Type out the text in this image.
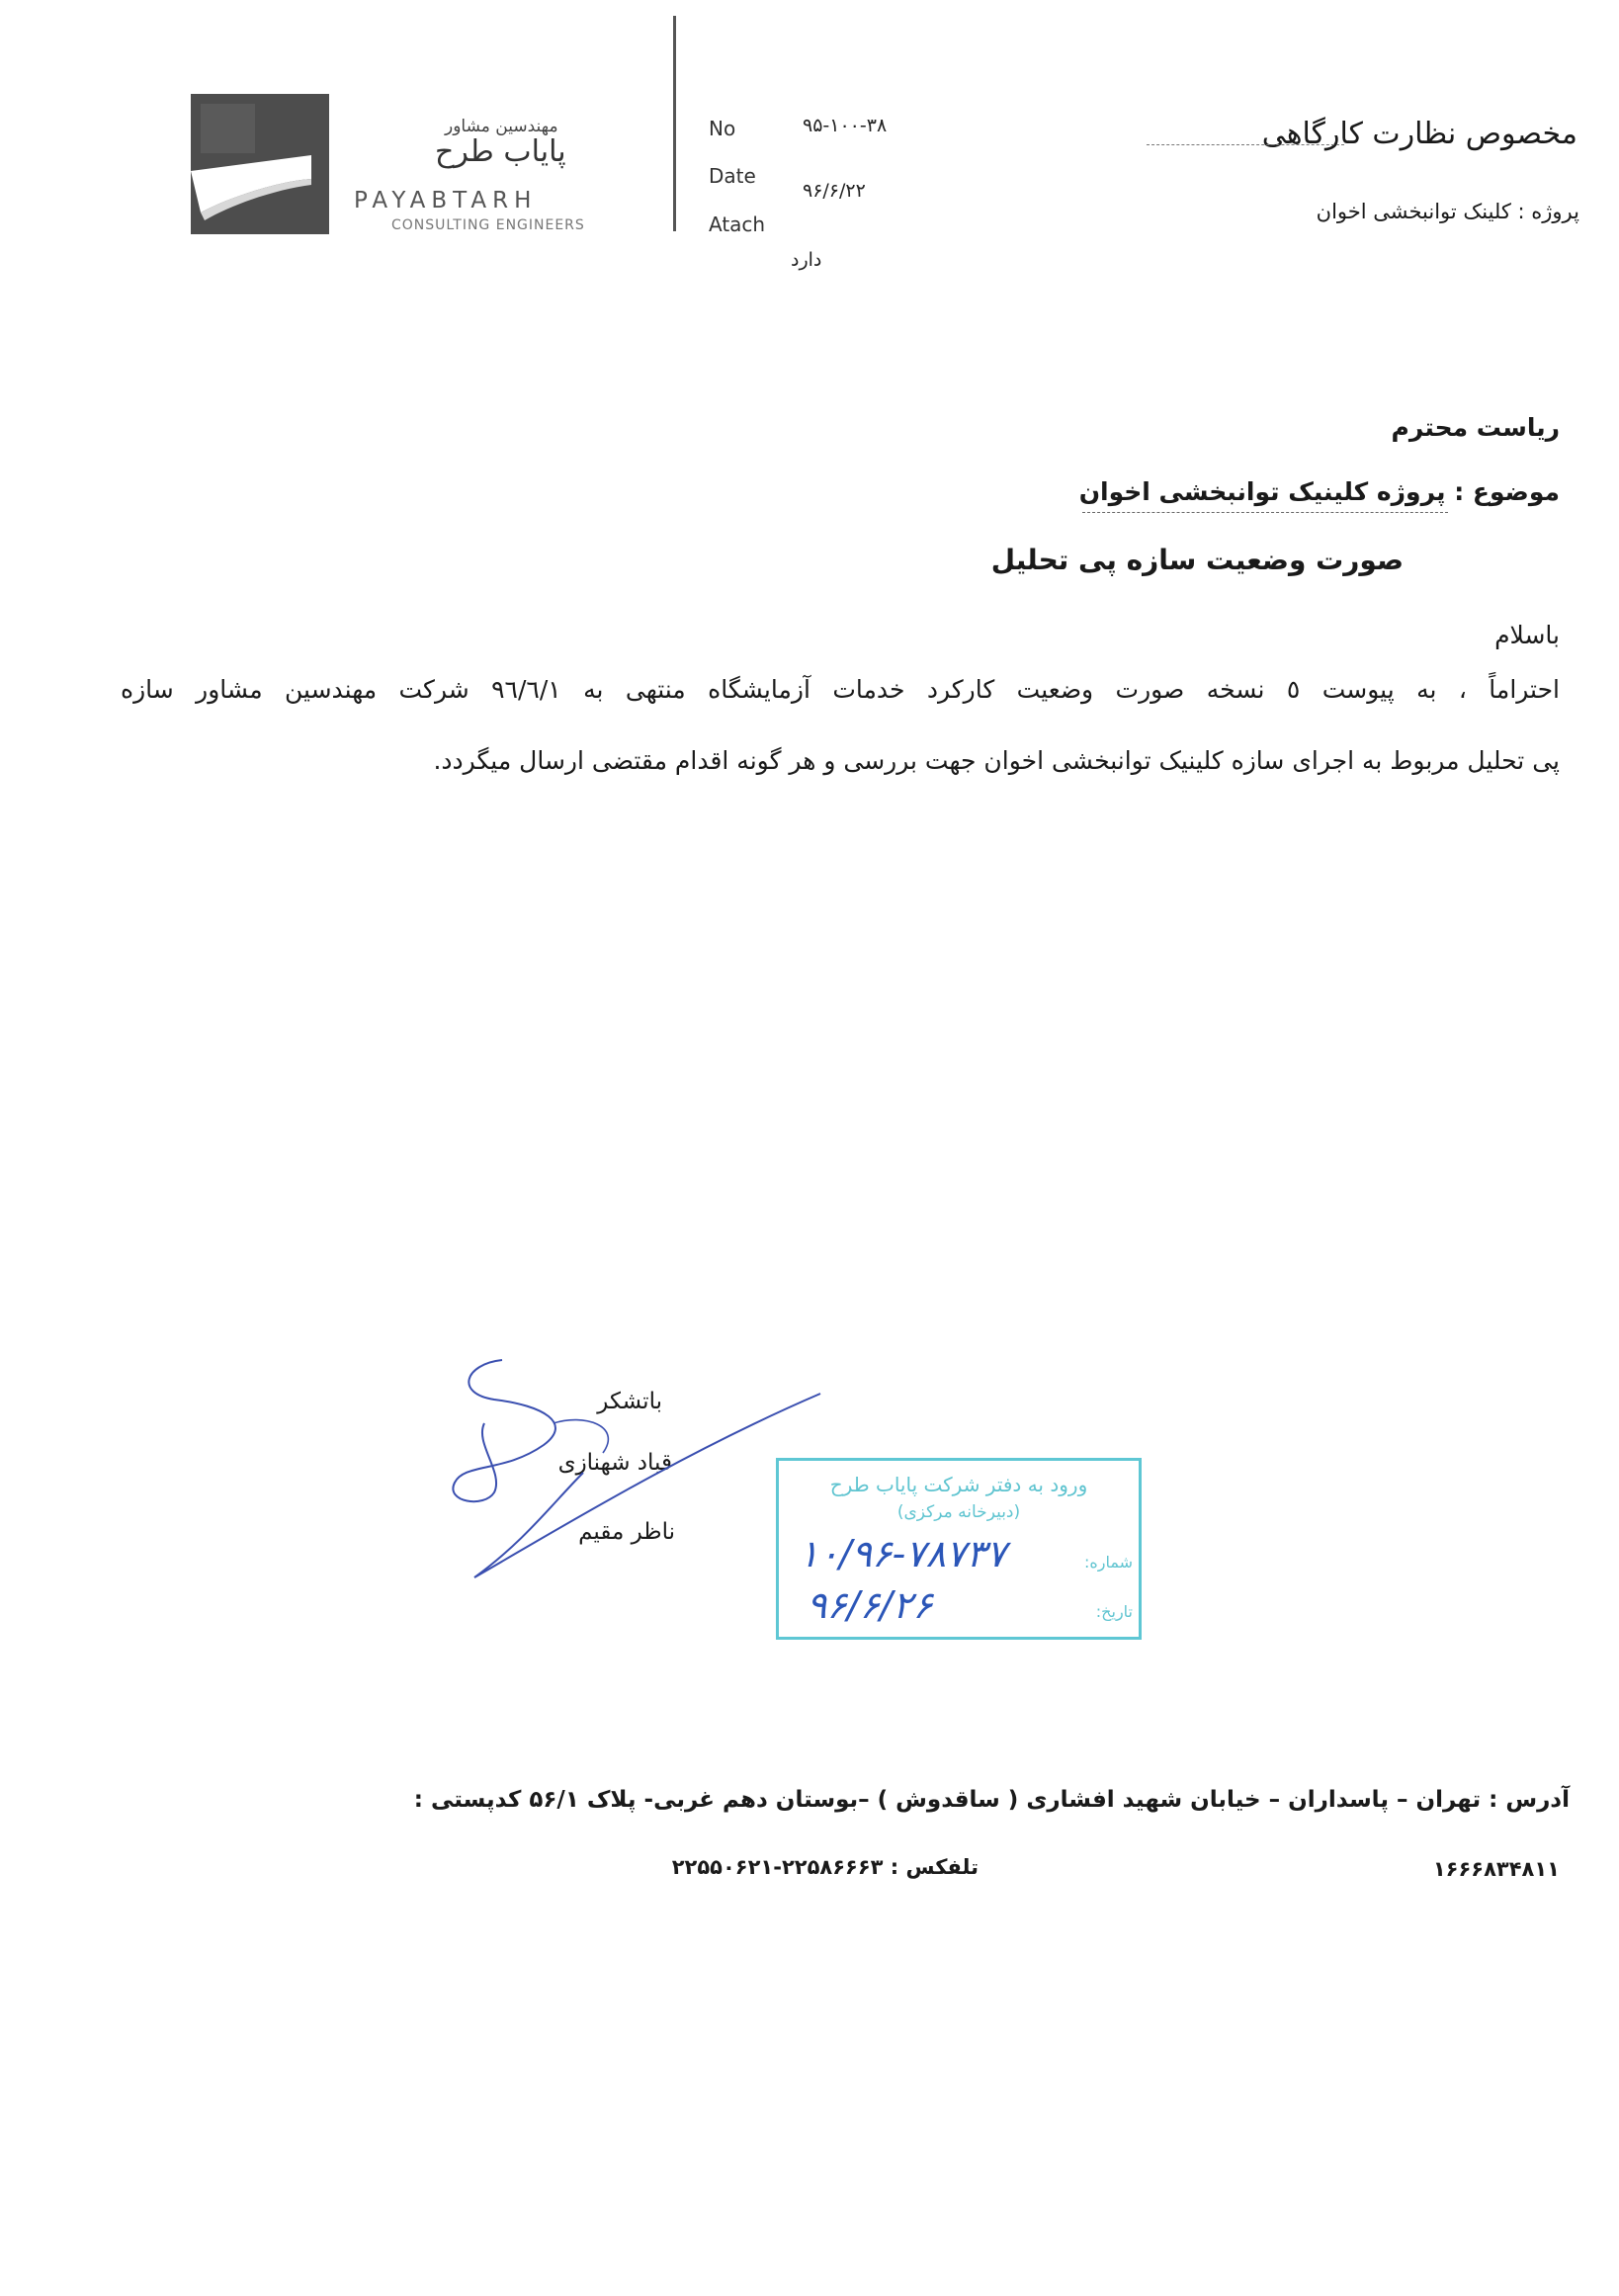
مهندسین مشاور
پایاب طرح
PAYABTARH
CONSULTING ENGINEERS
No	۹۵-۱۰۰-۳۸
Date
۹۶/۶/۲۲
Atach
دارد
مخصوص نظارت کارگاهی
پروژه : کلینک توانبخشی اخوان
ریاست محترم
موضوع : پروژه کلینیک توانبخشی اخوان
صورت وضعیت سازه پی تحلیل
باسلام
احتراماً ، به پیوست ٥ نسخه صورت وضعیت کارکرد خدمات آزمایشگاه منتهی به ٩٦/٦/١ شرکت مهندسین مشاور سازه
پی تحلیل مربوط به اجرای سازه کلینیک توانبخشی اخوان جهت بررسی و هر گونه اقدام مقتضی ارسال میگردد.
باتشکر
قباد شهنازی
ناظر مقیم
ورود به دفتر شرکت پایاب طرح
(دبیرخانه مرکزی)
شماره:
۱۰/۹۶-۷۸۷۳۷
تاریخ:
۹۶/۶/۲۶
آدرس : تهران – پاسداران – خیابان شهید افشاری ( ساقدوش ) –بوستان دهم غربی- پلاک ۵۶/۱ کدپستی :
تلفکس : ۲۲۵۸۶۶۶۳-۲۲۵۵۰۶۲۱	۱۶۶۶۸۳۴۸۱۱
